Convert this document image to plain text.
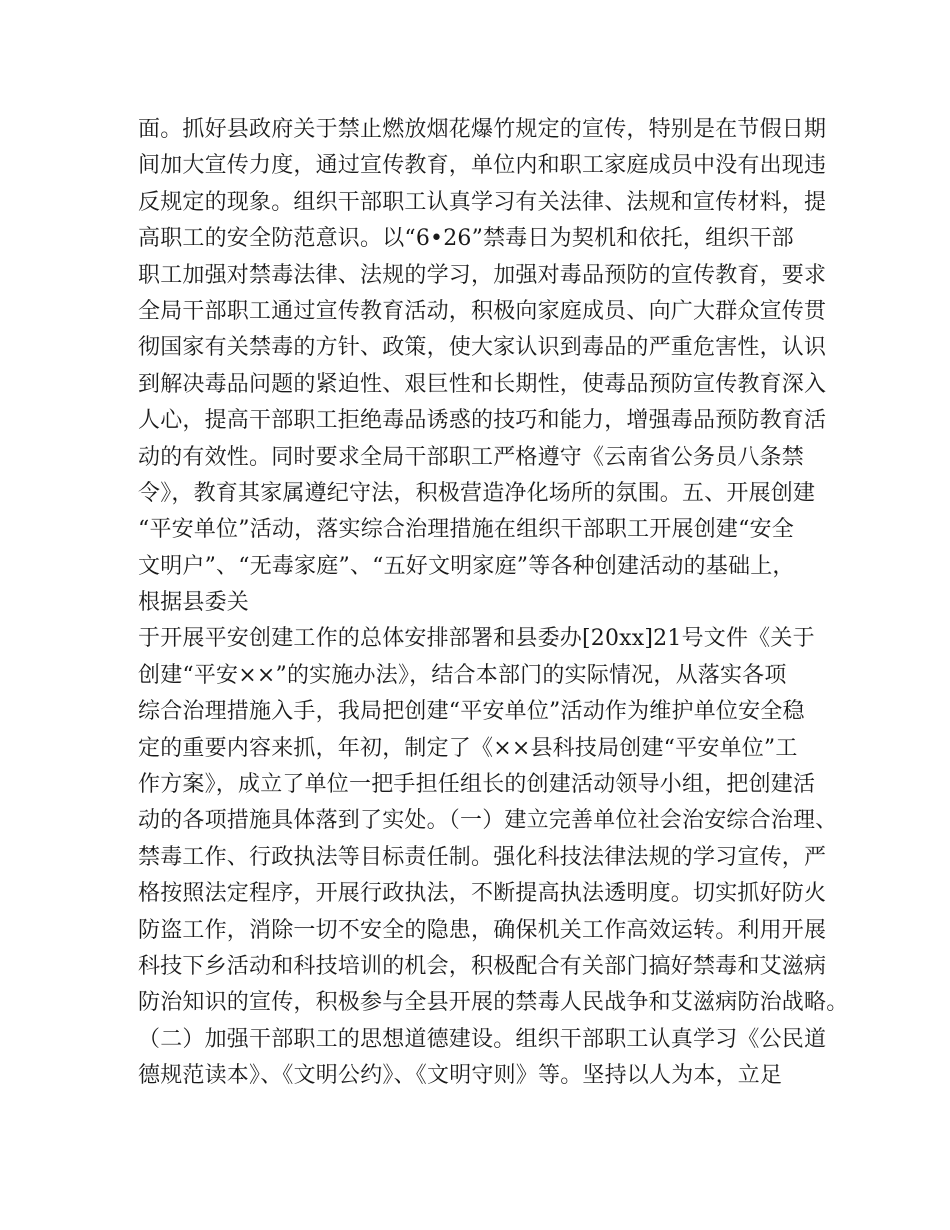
面。抓好县政府关于禁止燃放烟花爆竹规定的宣传，特别是在节假日期
间加大宣传力度，通过宣传教育，单位内和职工家庭成员中没有出现违
反规定的现象。组织干部职工认真学习有关法律、法规和宣传材料，提
高职工的安全防范意识。以“6•26”禁毒日为契机和依托，组织干部
职工加强对禁毒法律、法规的学习，加强对毒品预防的宣传教育，要求
全局干部职工通过宣传教育活动，积极向家庭成员、向广大群众宣传贯
彻国家有关禁毒的方针、政策，使大家认识到毒品的严重危害性，认识
到解决毒品问题的紧迫性、艰巨性和长期性，使毒品预防宣传教育深入
人心，提高干部职工拒绝毒品诱惑的技巧和能力，增强毒品预防教育活
动的有效性。同时要求全局干部职工严格遵守《云南省公务员八条禁
令》，教育其家属遵纪守法，积极营造净化场所的氛围。五、开展创建
“平安单位”活动，落实综合治理措施在组织干部职工开展创建“安全
文明户”、“无毒家庭”、“五好文明家庭”等各种创建活动的基础上，
根据县委关
于开展平安创建工作的总体安排部署和县委办[20xx]21号文件《关于
创建“平安××”的实施办法》，结合本部门的实际情况，从落实各项
综合治理措施入手，我局把创建“平安单位”活动作为维护单位安全稳
定的重要内容来抓，年初，制定了《××县科技局创建“平安单位”工
作方案》，成立了单位一把手担任组长的创建活动领导小组，把创建活
动的各项措施具体落到了实处。（一）建立完善单位社会治安综合治理、
禁毒工作、行政执法等目标责任制。强化科技法律法规的学习宣传，严
格按照法定程序，开展行政执法，不断提高执法透明度。切实抓好防火
防盗工作，消除一切不安全的隐患，确保机关工作高效运转。利用开展
科技下乡活动和科技培训的机会，积极配合有关部门搞好禁毒和艾滋病
防治知识的宣传，积极参与全县开展的禁毒人民战争和艾滋病防治战略。
（二）加强干部职工的思想道德建设。组织干部职工认真学习《公民道
德规范读本》、《文明公约》、《文明守则》等。坚持以人为本，立足
